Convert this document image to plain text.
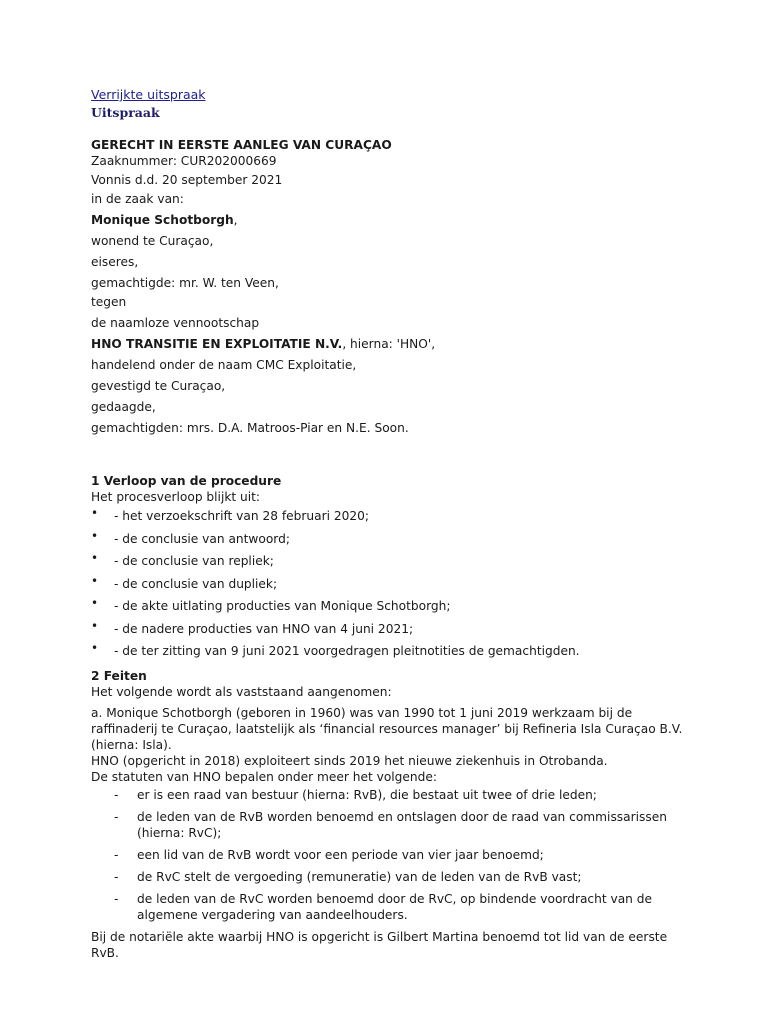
Verrijkte uitspraak
Uitspraak
GERECHT IN EERSTE AANLEG VAN CURAÇAO
Zaaknummer: CUR202000669
Vonnis d.d. 20 september 2021
in de zaak van:
Monique Schotborgh,
wonend te Curaçao,
eiseres,
gemachtigde: mr. W. ten Veen,
tegen
de naamloze vennootschap
HNO TRANSITIE EN EXPLOITATIE N.V., hierna: 'HNO',
handelend onder de naam CMC Exploitatie,
gevestigd te Curaçao,
gedaagde,
gemachtigden: mrs. D.A. Matroos-Piar en N.E. Soon.
1 Verloop van de procedure
Het procesverloop blijkt uit:
• - het verzoekschrift van 28 februari 2020;
• - de conclusie van antwoord;
• - de conclusie van repliek;
• - de conclusie van dupliek;
• - de akte uitlating producties van Monique Schotborgh;
• - de nadere producties van HNO van 4 juni 2021;
• - de ter zitting van 9 juni 2021 voorgedragen pleitnotities de gemachtigden.
2 Feiten
Het volgende wordt als vaststaand aangenomen:
a. Monique Schotborgh (geboren in 1960) was van 1990 tot 1 juni 2019 werkzaam bij de raffinaderij te Curaçao, laatstelijk als ‘financial resources manager’ bij Refineria Isla Curaçao B.V. (hierna: Isla).
HNO (opgericht in 2018) exploiteert sinds 2019 het nieuwe ziekenhuis in Otrobanda.
De statuten van HNO bepalen onder meer het volgende:
- er is een raad van bestuur (hierna: RvB), die bestaat uit twee of drie leden;
- de leden van de RvB worden benoemd en ontslagen door de raad van commissarissen (hierna: RvC);
- een lid van de RvB wordt voor een periode van vier jaar benoemd;
- de RvC stelt de vergoeding (remuneratie) van de leden van de RvB vast;
- de leden van de RvC worden benoemd door de RvC, op bindende voordracht van de algemene vergadering van aandeelhouders.
Bij de notariële akte waarbij HNO is opgericht is Gilbert Martina benoemd tot lid van de eerste RvB.
